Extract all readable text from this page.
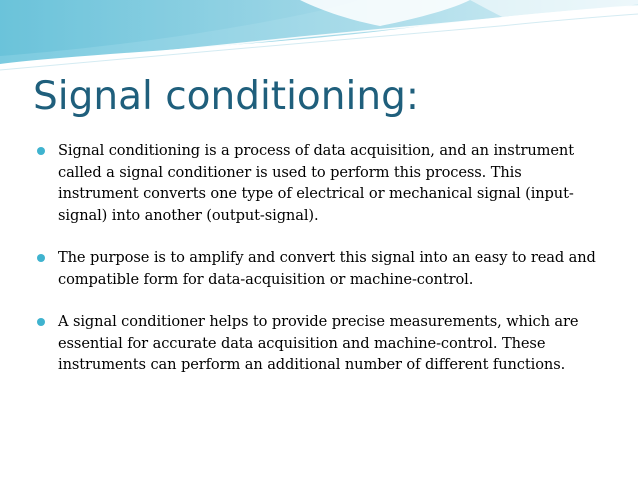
Signal conditioning:
Signal conditioning is a process of data acquisition, and an instrument called a signal conditioner is used to perform this process. This instrument converts one type of electrical or mechanical signal (input-signal) into another (output-signal).
The purpose is to amplify and convert this signal into an easy to read and compatible form for data-acquisition or machine-control.
A signal conditioner helps to provide precise measurements, which are essential for accurate data acquisition and machine-control. These instruments can perform an additional number of different functions.
